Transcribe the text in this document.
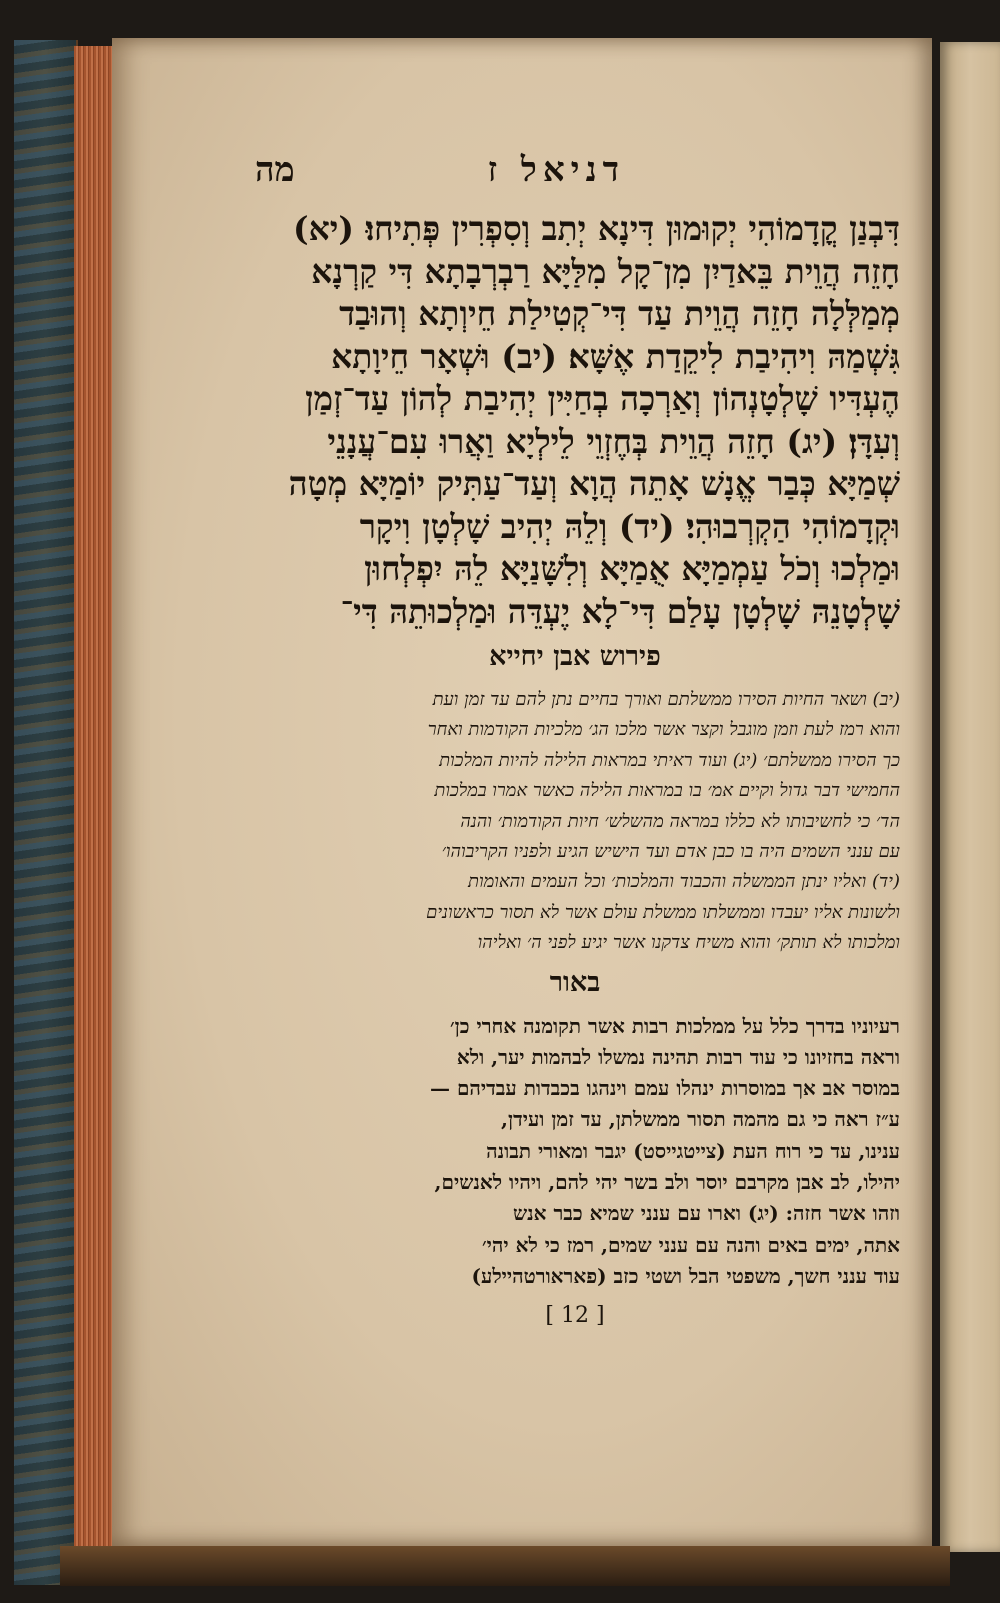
דניאל ז
מה
דִּבְנַן קֳדָמוֹהִי יְקוּמוּן דִּינָא יְתִב וְסִפְרִין פְּתִיחוּ׃ (יא)
חָזֵה הֲוֵית בֵּאדַיִן מִן־קָל מִלַּיָּא רַבְרְבָתָא דִּי קַרְנָא
מְמַלְּלָה חָזֵה הֲוֵית עַד דִּי־קְטִילַת חֵיוְתָא וְהוּבַד
גִּשְׁמַהּ וִיהִיבַת לִיקֵדַת אֶשָּׁא׃ (יב) וּשְׁאָר חֵיוָתָא
הֶעְדִּיו שָׁלְטָנְהוֹן וְאַרְכָה בְחַיִּין יְהִיבַת לְהוֹן עַד־זְמַן
וְעִדָּן׃ (יג) חָזֵה הֲוֵית בְּחֶזְוֵי לֵילְיָא וַאֲרוּ עִם־עֲנָנֵי
שְׁמַיָּא כְּבַר אֱנָשׁ אָתֵה הֲוָא וְעַד־עַתִּיק יוֹמַיָּא מְטָה
וּקְדָמוֹהִי הַקְרְבוּהִי׃ (יד) וְלֵהּ יְהִיב שָׁלְטָן וִיקָר
וּמַלְכוּ וְכֹל עַמְמַיָּא אֻמַיָּא וְלִשָּׁנַיָּא לֵהּ יִפְלְחוּן
שָׁלְטָנֵהּ שָׁלְטָן עָלַם דִּי־לָא יֶעְדֵּה וּמַלְכוּתֵהּ דִּי־
פירוש אבן יחייא
(יב) ושאר החיות הסירו ממשלתם ואורך בחיים נתן להם עד זמן ועת
והוא רמז לעת וזמן מוגבל וקצר אשר מלכו הג׳ מלכיות הקודמות ואחר
כך הסירו ממשלתם׳ (יג) ועוד ראיתי במראות הלילה להיות המלכות
החמישי דבר גדול וקיים אמ׳ בו במראות הלילה כאשר אמרו במלכות
הד׳ כי לחשיבותו לא כללו במראה מהשלש׳ חיות הקודמות׳ והנה
עם ענני השמים היה בו כבן אדם ועד הישיש הגיע ולפניו הקריבוהו׳
(יד) ואליו ינתן הממשלה והכבוד והמלכות׳ וכל העמים והאומות
ולשונות אליו יעבדו וממשלתו ממשלת עולם אשר לא תסור כראשונים
ומלכותו לא תותק׳ והוא משיח צדקנו אשר יגיע לפני ה׳ ואליהו
באור
רעיוניו בדרך כלל על ממלכות רבות אשר תקומנה אחרי כן׳
וראה בחזיונו כי עוד רבות תהינה נמשלו לבהמות יער, ולא
במוסר אב אך במוסרות ינהלו עמם וינהגו בכבדות עבדיהם —
ע״ז ראה כי גם מהמה תסור ממשלתן, עד זמן ועידן,
ענינו, עד כי רוח העת (צייטגייסט) יגבר ומאורי תבונה
יהילו, לב אבן מקרבם יוסר ולב בשר יהי להם, ויהיו לאנשים,
וזהו אשר חזה: (יג) וארו עם ענני שמיא כבר אנש
אתה, ימים באים והנה עם ענני שמים, רמז כי לא יהי׳
עוד ענני חשך, משפטי הבל ושטי כזב (פאראורטהיילע)
[ 12 ]
